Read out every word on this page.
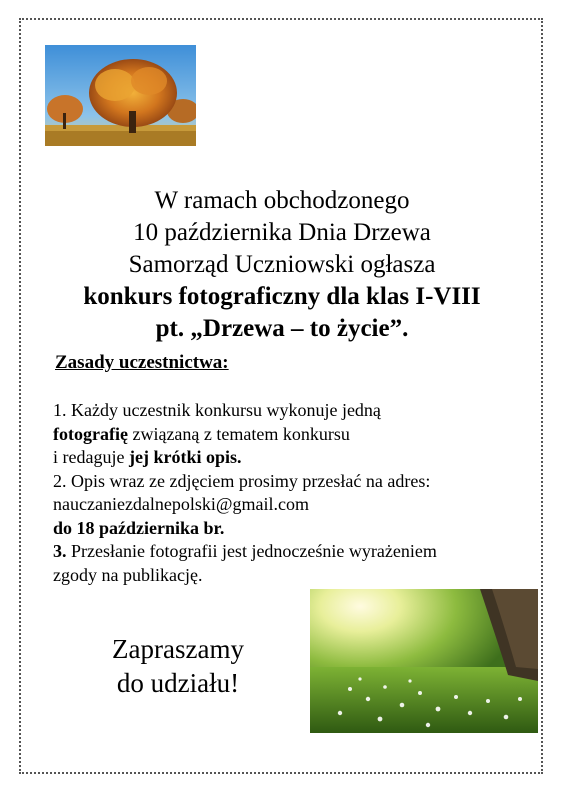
W ramach obchodzonego
10 października Dnia Drzewa
Samorząd Uczniowski ogłasza
konkurs fotograficzny dla klas I-VIII
pt. „Drzewa – to życie”.
Zasady uczestnictwa:
1. Każdy uczestnik konkursu wykonuje jedną
fotografię związaną z tematem konkursu
i redaguje jej krótki opis.
2. Opis wraz ze zdjęciem prosimy przesłać na adres:
nauczaniezdalnepolski@gmail.com
do 18 października br.
3. Przesłanie fotografii jest jednocześnie wyrażeniem
zgody na publikację.
Zapraszamy
do udziału!
